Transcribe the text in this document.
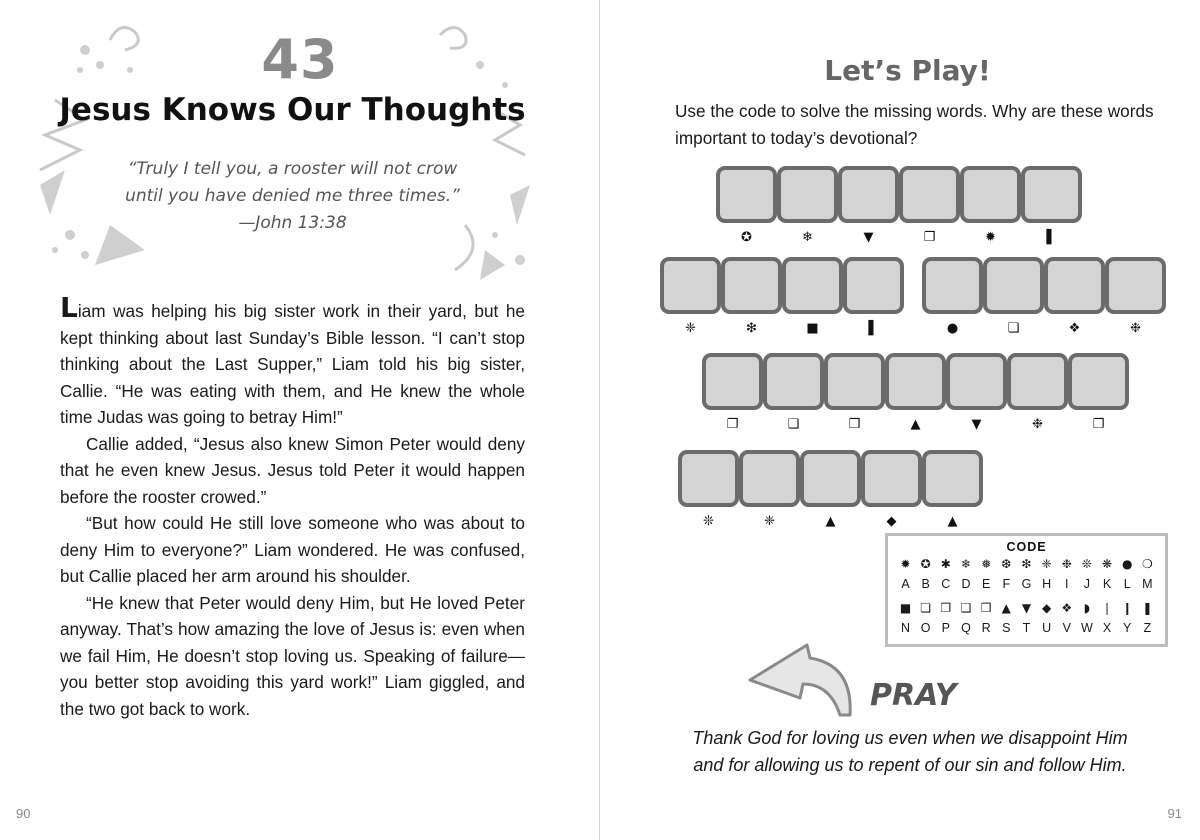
43
Jesus Knows Our Thoughts
“Truly I tell you, a rooster will not crow
until you have denied me three times.”
—John 13:38

Liam was helping his big sister work in their yard, but he kept thinking about last Sunday’s Bible lesson. “I can’t stop thinking about the Last Supper,” Liam told his big sister, Callie. “He was eating with them, and He knew the whole time Judas was going to betray Him!”

Callie added, “Jesus also knew Simon Peter would deny that he even knew Jesus. Jesus told Peter it would happen before the rooster crowed.”

“But how could He still love someone who was about to deny Him to everyone?” Liam wondered. He was confused, but Callie placed her arm around his shoulder.

“He knew that Peter would deny Him, but He loved Peter anyway. That’s how amazing the love of Jesus is: even when we fail Him, He doesn’t stop loving us. Speaking of failure—you better stop avoiding this yard work!” Liam giggled, and the two got back to work.

90
Let’s Play!
Use the code to solve the missing words. Why are these words important to today’s devotional?
✪	❄	▼	❐	✹	▌
❈	❇	■	▌	●	❏	❖	❉
❐	❑	❒	▲	▼	❉	❐
❊	❈	▲	◆	▲
CODE
✹ ✪ ✱ ❄ ❅ ❆ ❇ ❈ ❉ ❊ ❋ ● ❍
A B C D E F G H	I	J	K	L M
■ ❏ ❐ ❑ ❒ ▲ ▼ ◆ ❖ ◗ ❘ ❙ ❚
N O P Q R S T U V W X Y Z
PRAY
Thank God for loving us even when we disappoint Him
and for allowing us to repent of our sin and follow Him.
91
